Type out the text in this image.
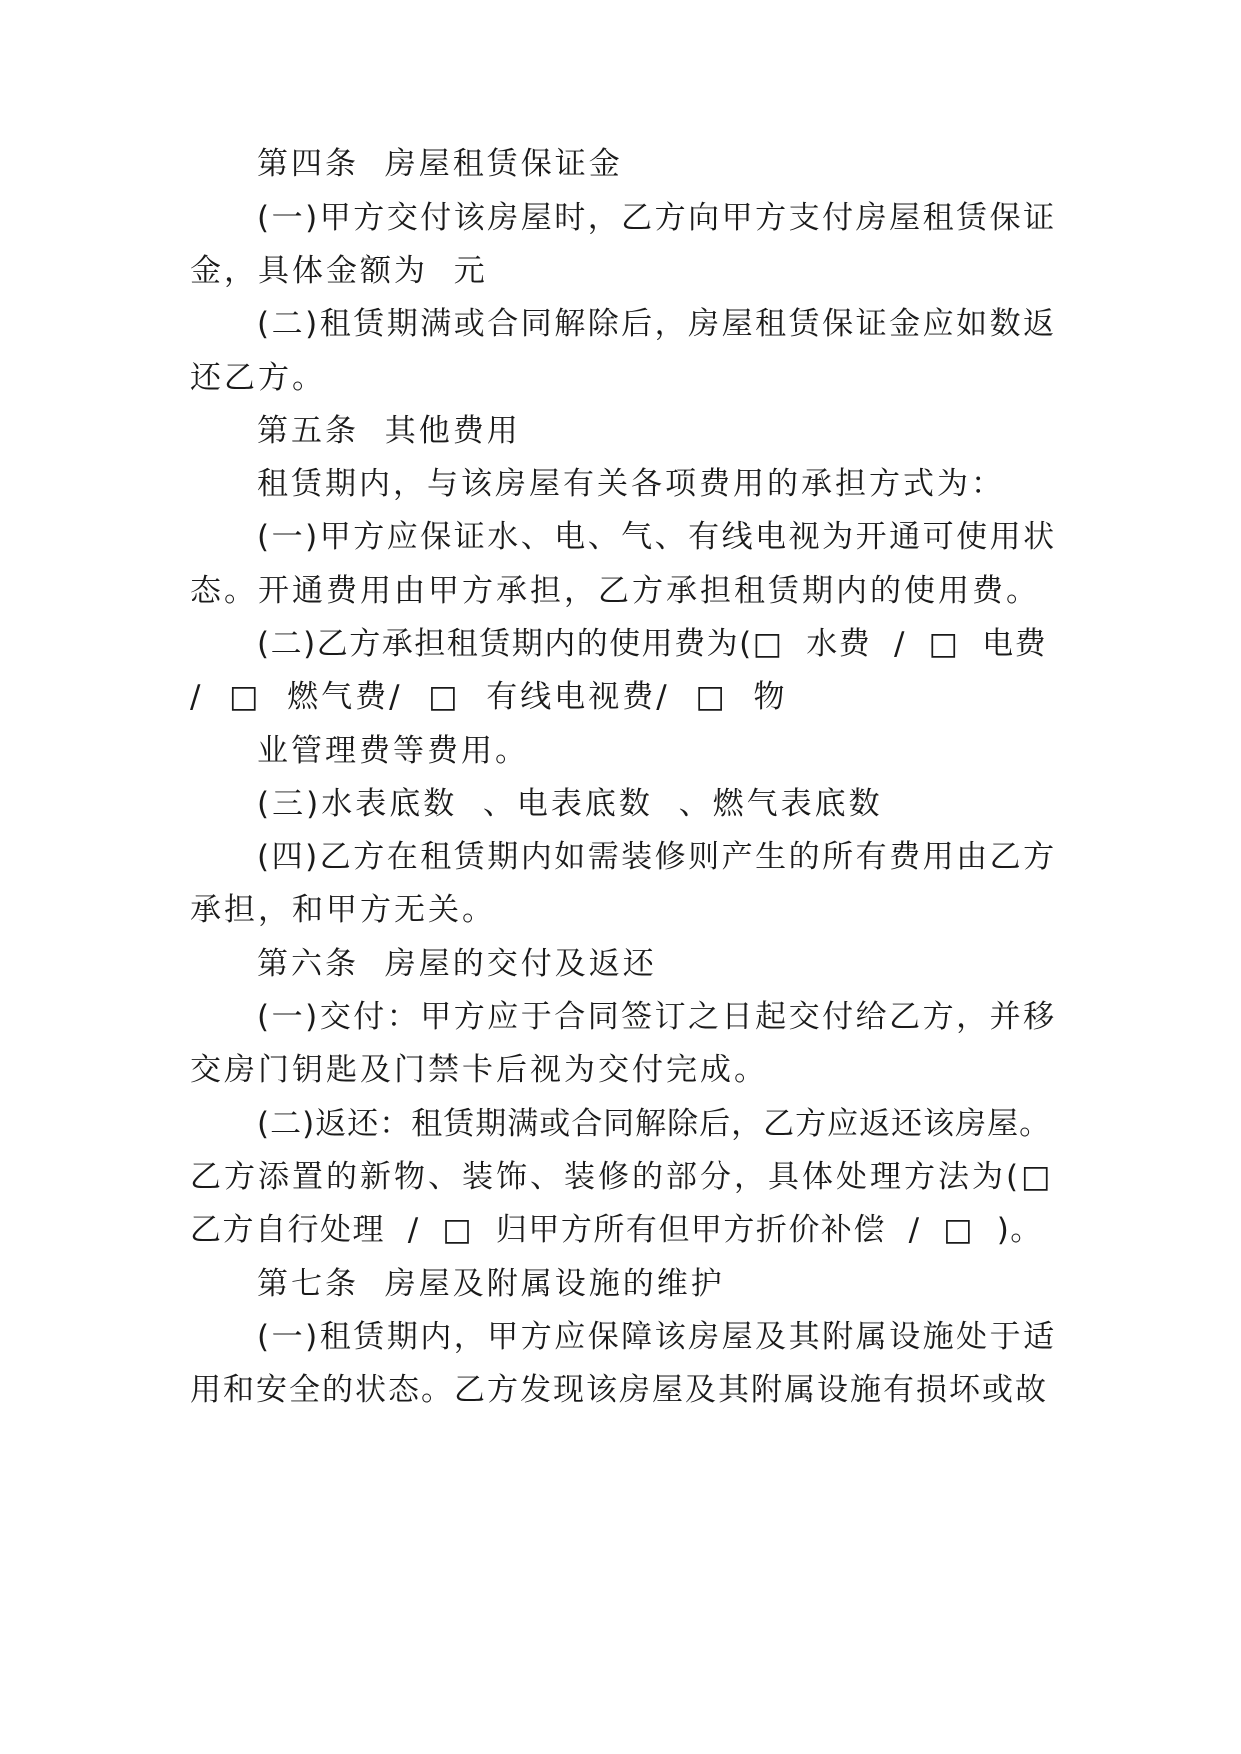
第四条  房屋租赁保证金
(一)甲方交付该房屋时，乙方向甲方支付房屋租赁保证
金，具体金额为  元
(二)租赁期满或合同解除后，房屋租赁保证金应如数返
还乙方。
第五条  其他费用
租赁期内，与该房屋有关各项费用的承担方式为：
(一)甲方应保证水、电、气、有线电视为开通可使用状
态。开通费用由甲方承担，乙方承担租赁期内的使用费。
(二)乙方承担租赁期内的使用费为(□  水费  /  □  电费
/  □  燃气费/  □  有线电视费/  □  物
业管理费等费用。
(三)水表底数  、电表底数  、燃气表底数
(四)乙方在租赁期内如需装修则产生的所有费用由乙方
承担，和甲方无关。
第六条  房屋的交付及返还
(一)交付：甲方应于合同签订之日起交付给乙方，并移
交房门钥匙及门禁卡后视为交付完成。
(二)返还：租赁期满或合同解除后，乙方应返还该房屋。
乙方添置的新物、装饰、装修的部分，具体处理方法为(□
乙方自行处理  /  □  归甲方所有但甲方折价补偿  /  □  )。
第七条  房屋及附属设施的维护
(一)租赁期内，甲方应保障该房屋及其附属设施处于适
用和安全的状态。乙方发现该房屋及其附属设施有损坏或故
